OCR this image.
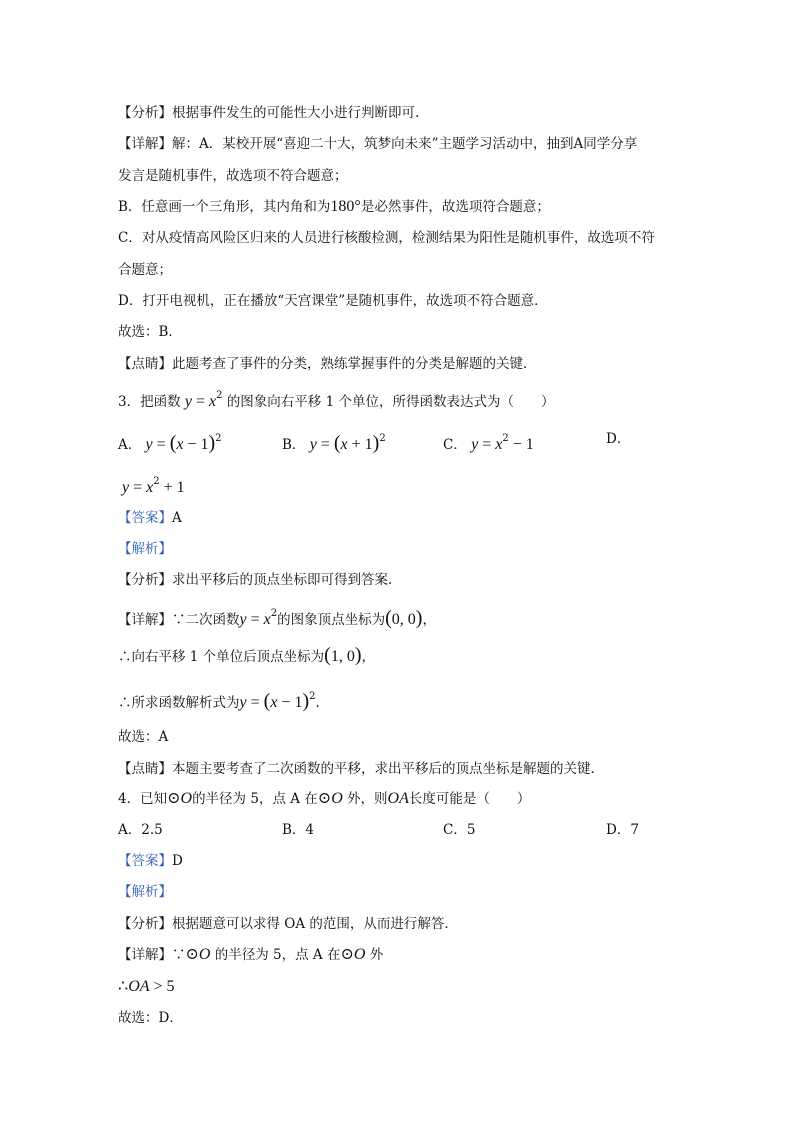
【分析】根据事件发生的可能性大小进行判断即可.
【详解】解：A．某校开展“喜迎二十大，筑梦向未来”主题学习活动中，抽到A同学分享
发言是随机事件，故选项不符合题意；
B．任意画一个三角形，其内角和为180°是必然事件，故选项符合题意；
C．对从疫情高风险区归来的人员进行核酸检测，检测结果为阳性是随机事件，故选项不符
合题意；
D．打开电视机，正在播放“天宫课堂”是随机事件，故选项不符合题意．
故选：B．
【点睛】此题考查了事件的分类，熟练掌握事件的分类是解题的关键．
3．把函数 $y = x^2$ 的图象向右平移 1 个单位，所得函数表达式为（　　）
A． $y = (x - 1)^2$	B． $y = (x + 1)^2$	C． $y = x^2 - 1$	D．
$y = x^2 + 1$
【答案】A
【解析】
【分析】求出平移后的顶点坐标即可得到答案．
【详解】∵二次函数$y = x^2$的图象顶点坐标为(0, 0)，
∴向右平移 1 个单位后顶点坐标为(1, 0)，
∴所求函数解析式为$y = (x - 1)^2$．
故选：A
【点睛】本题主要考查了二次函数的平移，求出平移后的顶点坐标是解题的关键．
4．已知⊙O的半径为 5，点 A 在⊙O 外，则OA长度可能是（　　）
A．2.5	B．4	C．5	D．7
【答案】D
【解析】
【分析】根据题意可以求得 OA 的范围，从而进行解答．
【详解】∵⊙O 的半径为 5，点 A 在⊙O 外
∴OA > 5
故选：D．
